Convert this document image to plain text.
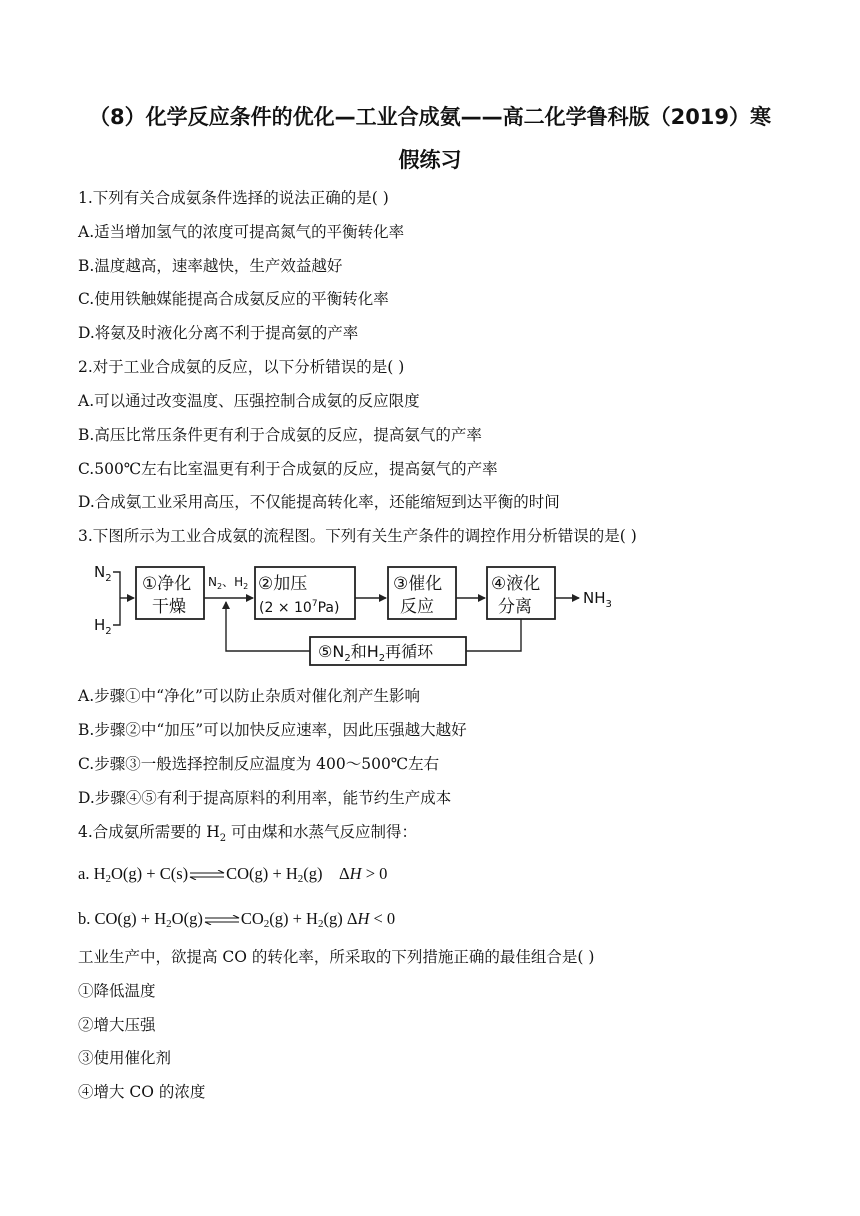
（8）化学反应条件的优化—工业合成氨——高二化学鲁科版（2019）寒
假练习
1.下列有关合成氨条件选择的说法正确的是( )
A.适当增加氢气的浓度可提高氮气的平衡转化率
B.温度越高，速率越快，生产效益越好
C.使用铁触媒能提高合成氨反应的平衡转化率
D.将氨及时液化分离不利于提高氨的产率
2.对于工业合成氨的反应，以下分析错误的是( )
A.可以通过改变温度、压强控制合成氨的反应限度
B.高压比常压条件更有利于合成氨的反应，提高氨气的产率
C.500℃左右比室温更有利于合成氨的反应，提高氨气的产率
D.合成氨工业采用高压，不仅能提高转化率，还能缩短到达平衡的时间
3.下图所示为工业合成氨的流程图。下列有关生产条件的调控作用分析错误的是( )
$N_2$
$H_2$
①净化
干燥
$N_2$、$H_2$ ②加压
$(2 \times 10^7Pa)$
③催化
反应
④液化
分离	$NH_3$
$⑤N_2$和$H_2$再循环
A.步骤①中“净化”可以防止杂质对催化剂产生影响
B.步骤②中“加压”可以加快反应速率，因此压强越大越好
C.步骤③一般选择控制反应温度为 400～500℃左右
D.步骤④⑤有利于提高原料的利用率，能节约生产成本
4.合成氨所需要的 $H_2$ 可由煤和水蒸气反应制得：
a. $H_2O(g)$ + C(s)⇌CO(g) + $H_2(g)$    ΔH > 0
b. $CO(g) + H_2O(g)\rightleftharpoons CO_2(g) + H_2(g) \Delta H < 0$
工业生产中，欲提高 CO 的转化率，所采取的下列措施正确的最佳组合是( )
①降低温度
②增大压强
③使用催化剂
④增大 CO 的浓度
